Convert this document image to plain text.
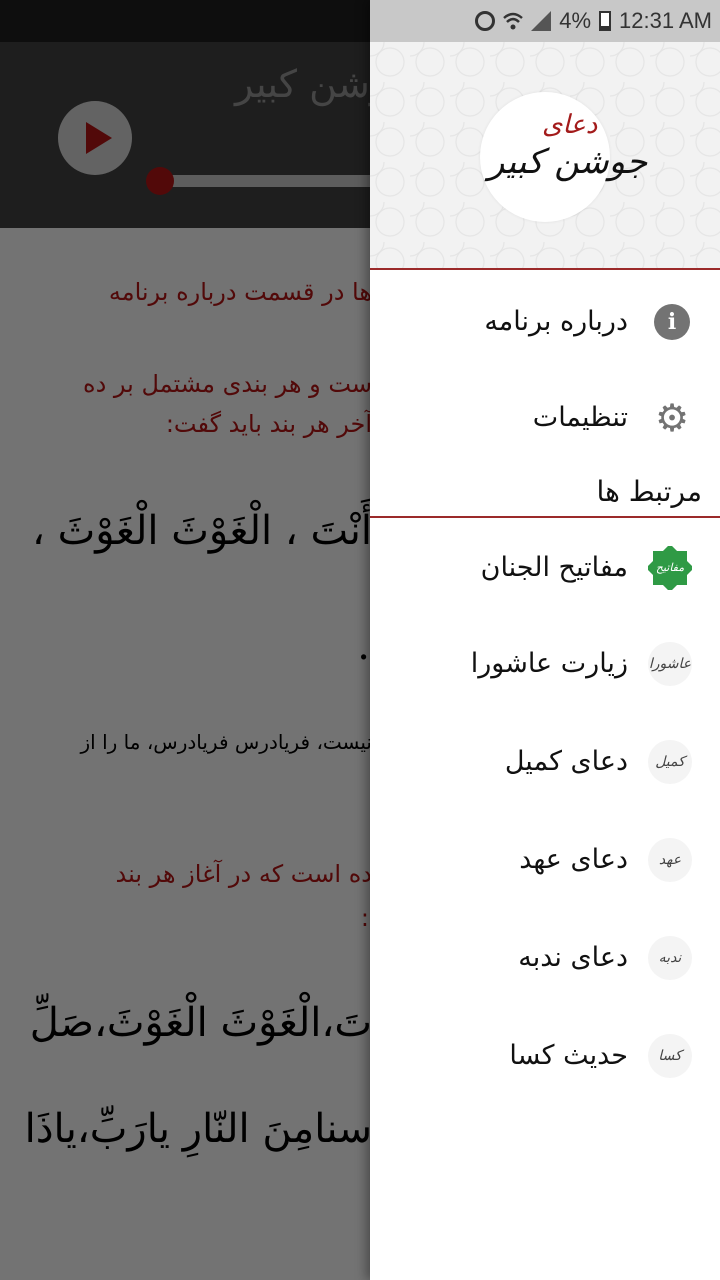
4% 12:31 AM
دعای
جوشن کبیر
i
درباره برنامه
⚙
تنظیمات
مرتبط ها
مفاتیح
مفاتیح الجنان
عاشورا
زیارت عاشورا
کمیل
دعای کمیل
عهد
دعای عهد
ندبه
دعای ندبه
کسا
حدیث کسا
